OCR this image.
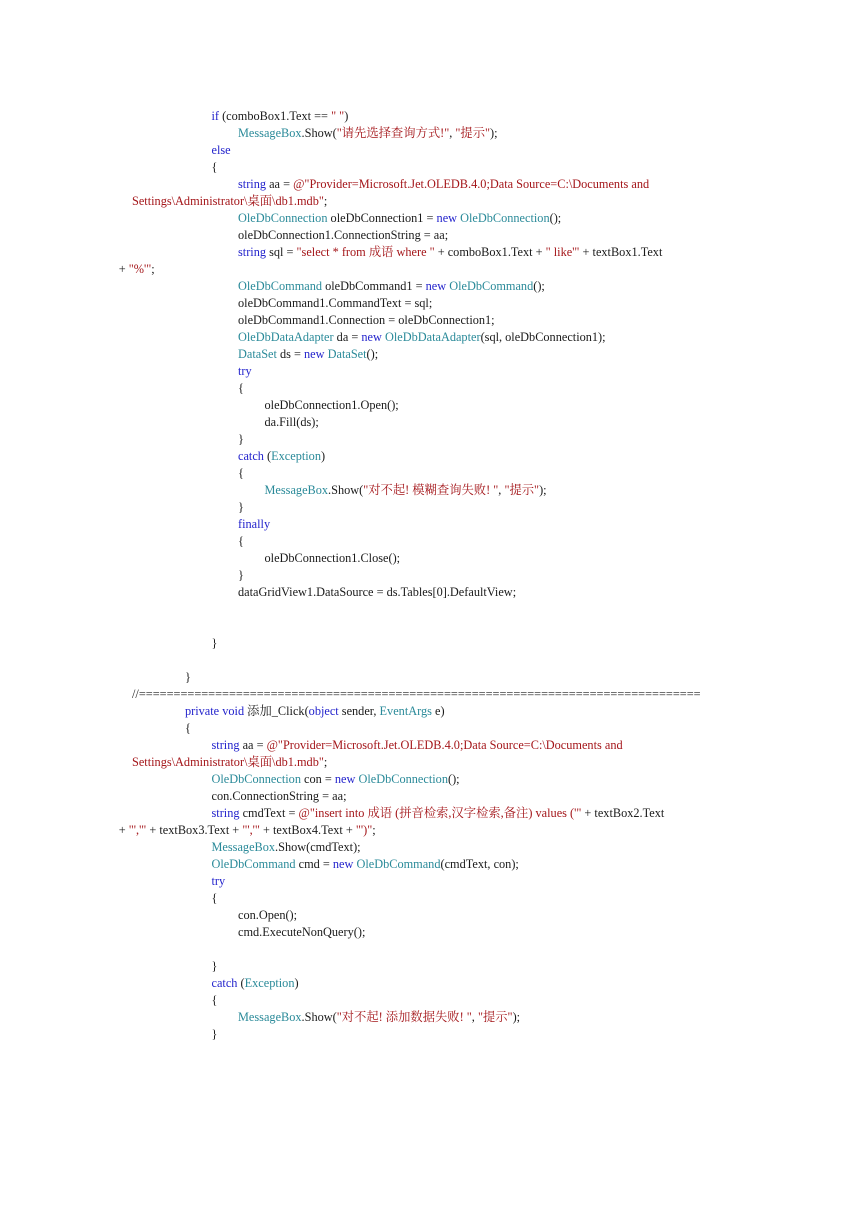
if (comboBox1.Text == " ")
MessageBox.Show("请先选择查询方式!", "提示");
else
{
string aa = @"Provider=Microsoft.Jet.OLEDB.4.0;Data Source=C:\Documents and
Settings\Administrator\桌面\db1.mdb";
OleDbConnection oleDbConnection1 = new OleDbConnection();
oleDbConnection1.ConnectionString = aa;
string sql = "select * from 成语 where " + comboBox1.Text + " like'" + textBox1.Text
+ "%'";
OleDbCommand oleDbCommand1 = new OleDbCommand();
oleDbCommand1.CommandText = sql;
oleDbCommand1.Connection = oleDbConnection1;
OleDbDataAdapter da = new OleDbDataAdapter(sql, oleDbConnection1);
DataSet ds = new DataSet();
try
{
oleDbConnection1.Open();
da.Fill(ds);
}
catch (Exception)
{
MessageBox.Show("对不起! 模糊查询失败! ", "提示");
}
finally
{
oleDbConnection1.Close();
}
dataGridView1.DataSource = ds.Tables[0].DefaultView;
}
}
//=================================================================================
private void 添加_Click(object sender, EventArgs e)
{
string aa = @"Provider=Microsoft.Jet.OLEDB.4.0;Data Source=C:\Documents and
Settings\Administrator\桌面\db1.mdb";
OleDbConnection con = new OleDbConnection();
con.ConnectionString = aa;
string cmdText = @"insert into 成语 (拼音检索,汉字检索,备注) values ('" + textBox2.Text
+ "','" + textBox3.Text + "','" + textBox4.Text + "')";
MessageBox.Show(cmdText);
OleDbCommand cmd = new OleDbCommand(cmdText, con);
try
{
con.Open();
cmd.ExecuteNonQuery();
}
catch (Exception)
{
MessageBox.Show("对不起! 添加数据失败! ", "提示");
}
